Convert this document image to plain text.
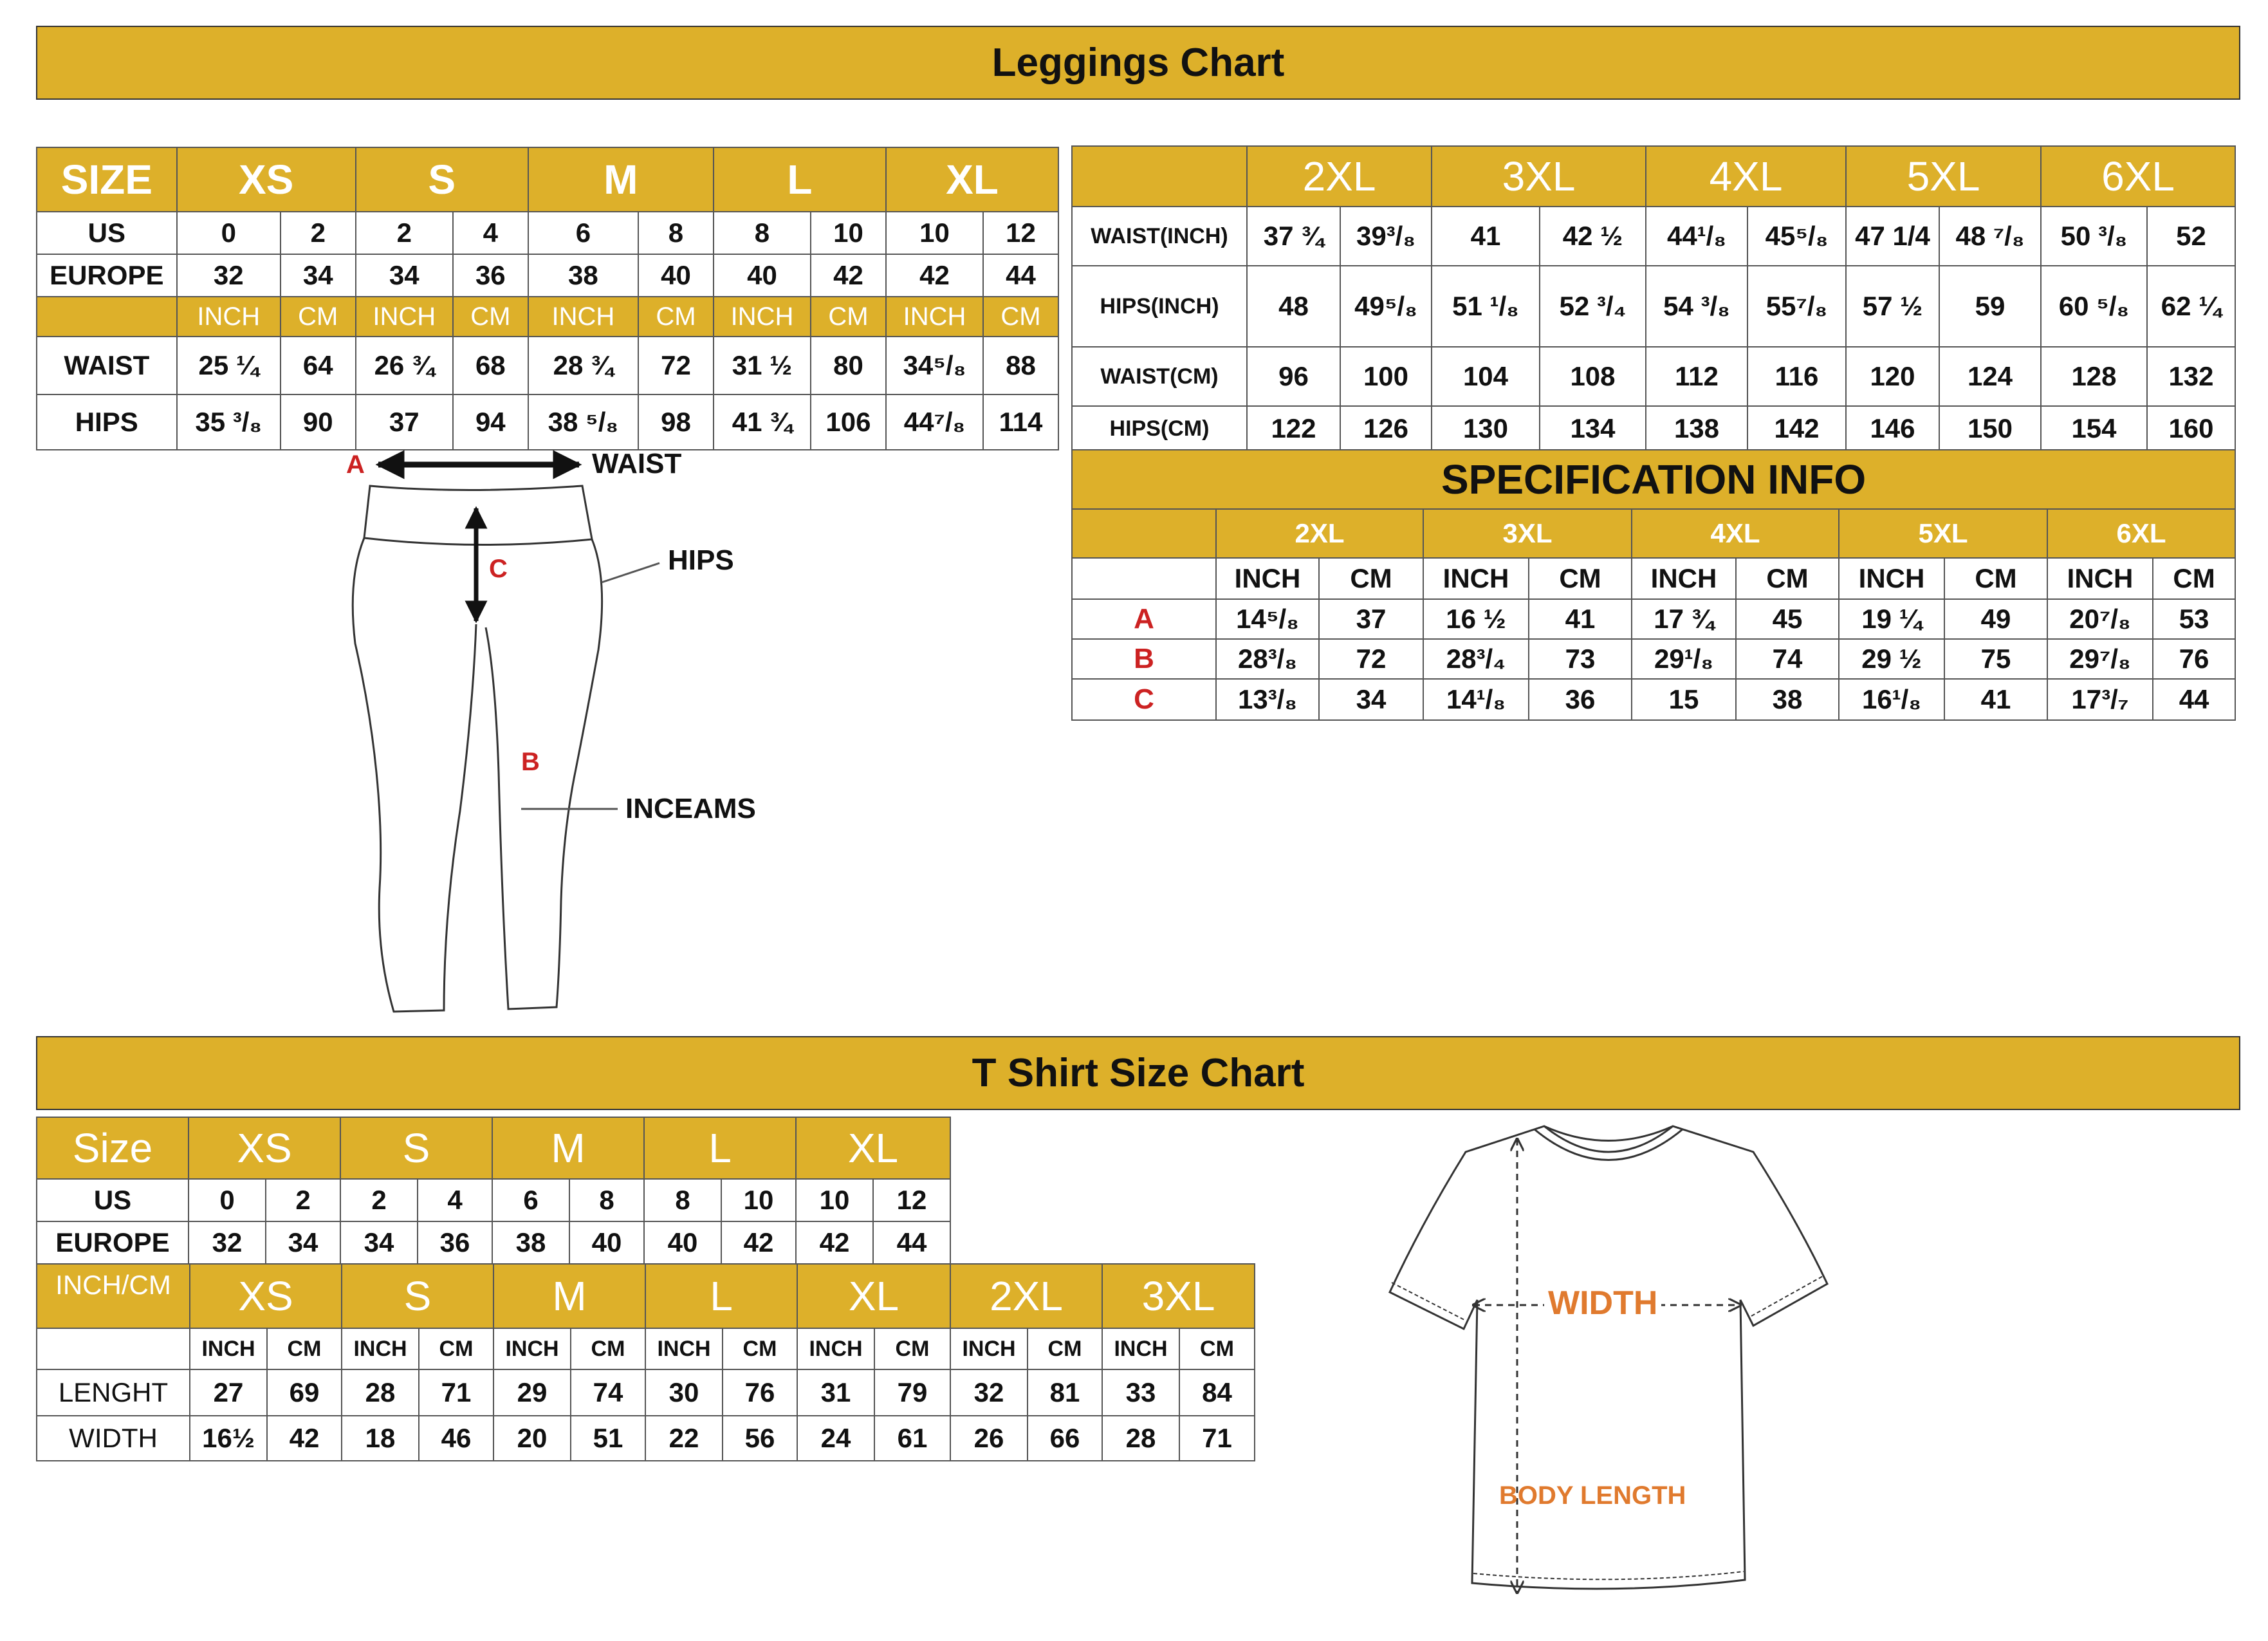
Leggings Chart
SIZE	XS		S		M		L		XL	
US	0	2	2	4	6	8	8	10	10	12
EUROPE	32	34	34	36	38	40	40	42	42	44
	INCH	CM	INCH	CM	INCH	CM	INCH	CM	INCH	CM
WAIST	25 ¼	64	26 ¾	68	28 ¾	72	31 ½	80	34⁵/₈	88
HIPS	35 ³/₈	90	37	94	38 ⁵/₈	98	41 ¾	106	44⁷/₈	114
	2XL		3XL		4XL		5XL		6XL	
WAIST(INCH)	37 ¾	39³/₈	41	42 ½	44¹/₈	45⁵/₈	47 1/4	48 ⁷/₈	50 ³/₈	52
HIPS(INCH)	48	49⁵/₈	51 ¹/₈	52 ³/₄	54 ³/₈	55⁷/₈	57 ½	59	60 ⁵/₈	62 ¼
WAIST(CM)	96	100	104	108	112	116	120	124	128	132
HIPS(CM)	122	126	130	134	138	142	146	150	154	160
SPECIFICATION INFO										
	2XL		3XL		4XL		5XL		6XL	
	INCH	CM	INCH	CM	INCH	CM	INCH	CM	INCH	CM
A	14⁵/₈	37	16 ½	41	17 ¾	45	19 ¼	49	20⁷/₈	53
B	28³/₈	72	28³/₄	73	29¹/₈	74	29 ½	75	29⁷/₈	76
C	13³/₈	34	14¹/₈	36	15	38	16¹/₈	41	17³/₇	44
A	WAIST
C	HIPS
B
INCEAMS
T Shirt Size Chart
Size	XS		S		M		L		XL	
US	0	2	2	4	6	8	8	10	10	12
EUROPE	32	34	34	36	38	40	40	42	42	44
INCH/CM	XS		S		M		L		XL		2XL		3XL	
	INCH	CM	INCH	CM	INCH	CM	INCH	CM	INCH	CM	INCH	CM	INCH	CM
LENGHT	27	69	28	71	29	74	30	76	31	79	32	81	33	84
WIDTH	16½	42	18	46	20	51	22	56	24	61	26	66	28	71
WIDTH
BODY LENGTH
